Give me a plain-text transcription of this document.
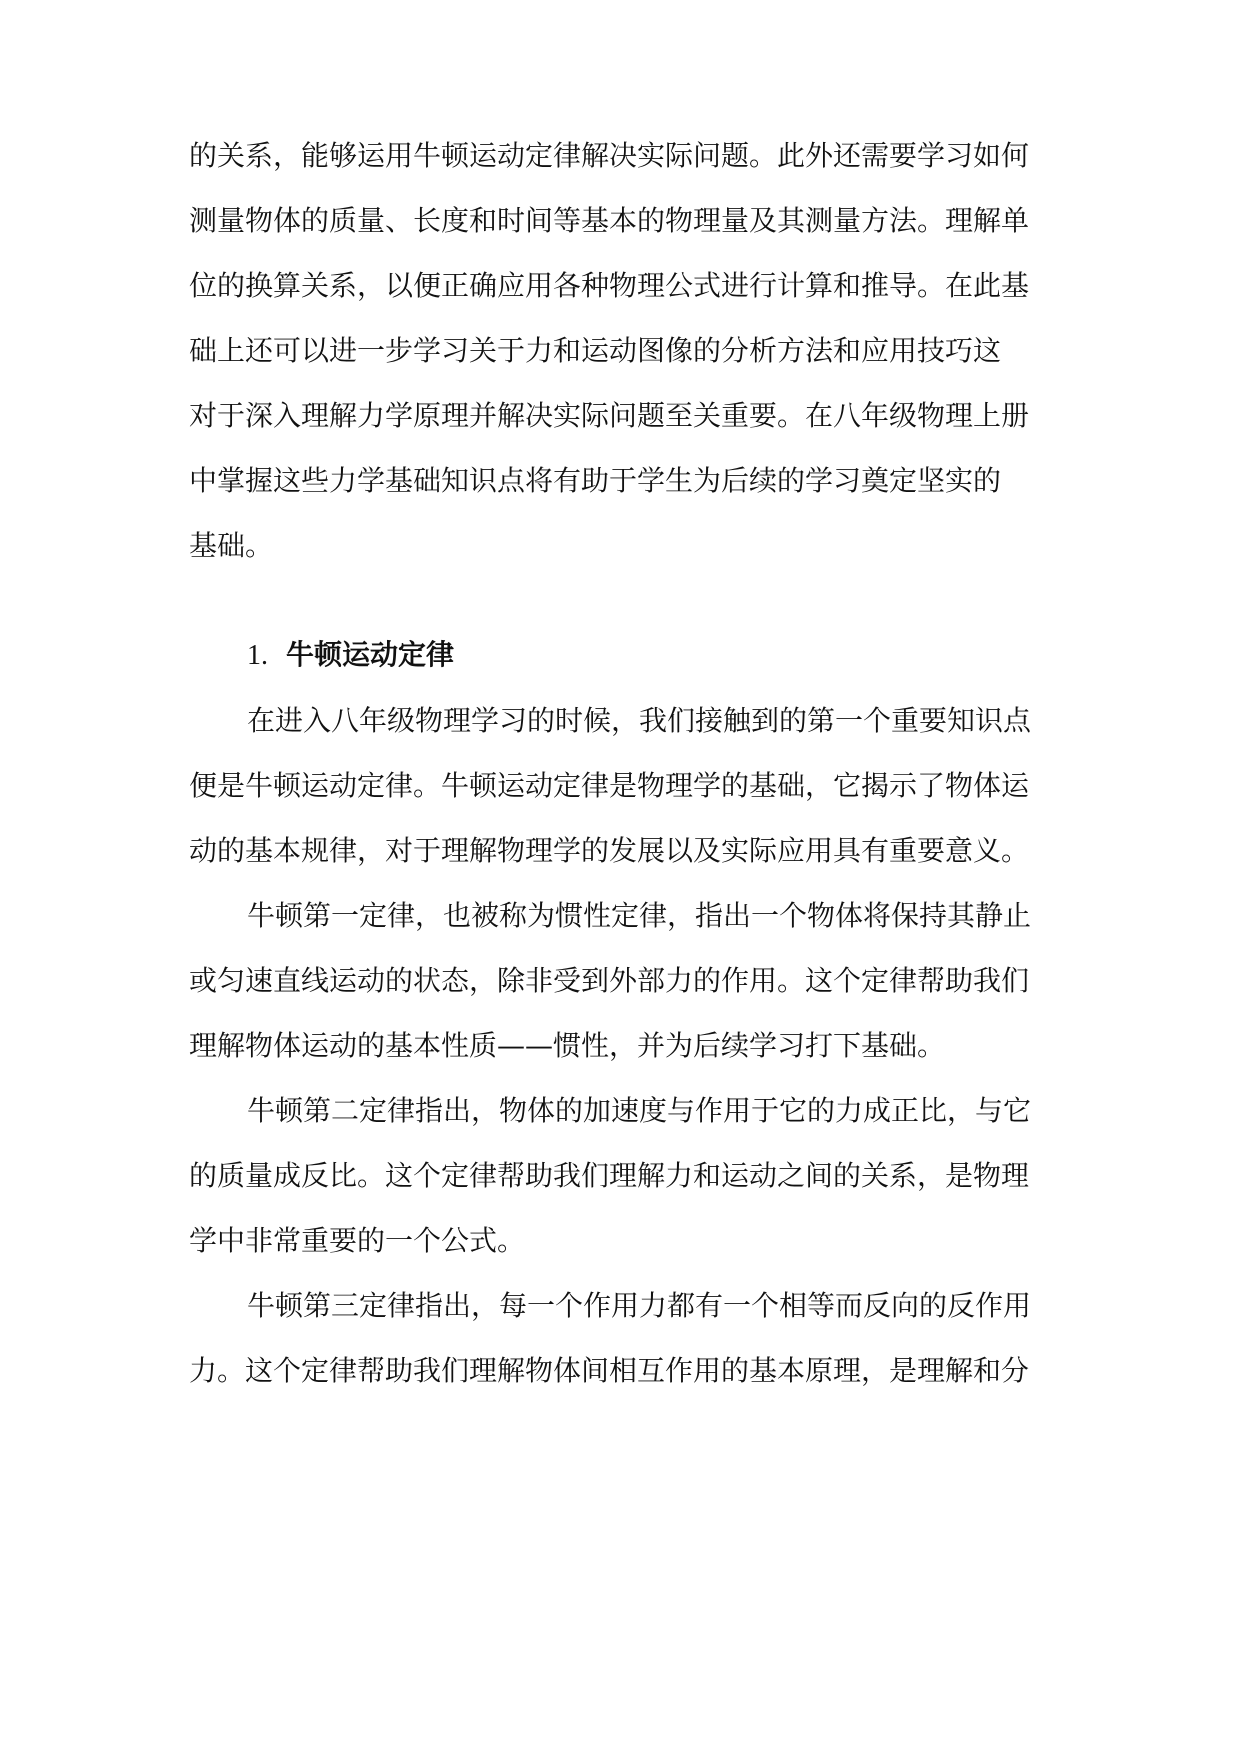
的关系，能够运用牛顿运动定律解决实际问题。此外还需要学习如何
测量物体的质量、长度和时间等基本的物理量及其测量方法。理解单
位的换算关系，以便正确应用各种物理公式进行计算和推导。在此基
础上还可以进一步学习关于力和运动图像的分析方法和应用技巧这
对于深入理解力学原理并解决实际问题至关重要。在八年级物理上册
中掌握这些力学基础知识点将有助于学生为后续的学习奠定坚实的
基础。
1. 牛顿运动定律
在进入八年级物理学习的时候，我们接触到的第一个重要知识点
便是牛顿运动定律。牛顿运动定律是物理学的基础，它揭示了物体运
动的基本规律，对于理解物理学的发展以及实际应用具有重要意义。
牛顿第一定律，也被称为惯性定律，指出一个物体将保持其静止
或匀速直线运动的状态，除非受到外部力的作用。这个定律帮助我们
理解物体运动的基本性质——惯性，并为后续学习打下基础。
牛顿第二定律指出，物体的加速度与作用于它的力成正比，与它
的质量成反比。这个定律帮助我们理解力和运动之间的关系，是物理
学中非常重要的一个公式。
牛顿第三定律指出，每一个作用力都有一个相等而反向的反作用
力。这个定律帮助我们理解物体间相互作用的基本原理，是理解和分
